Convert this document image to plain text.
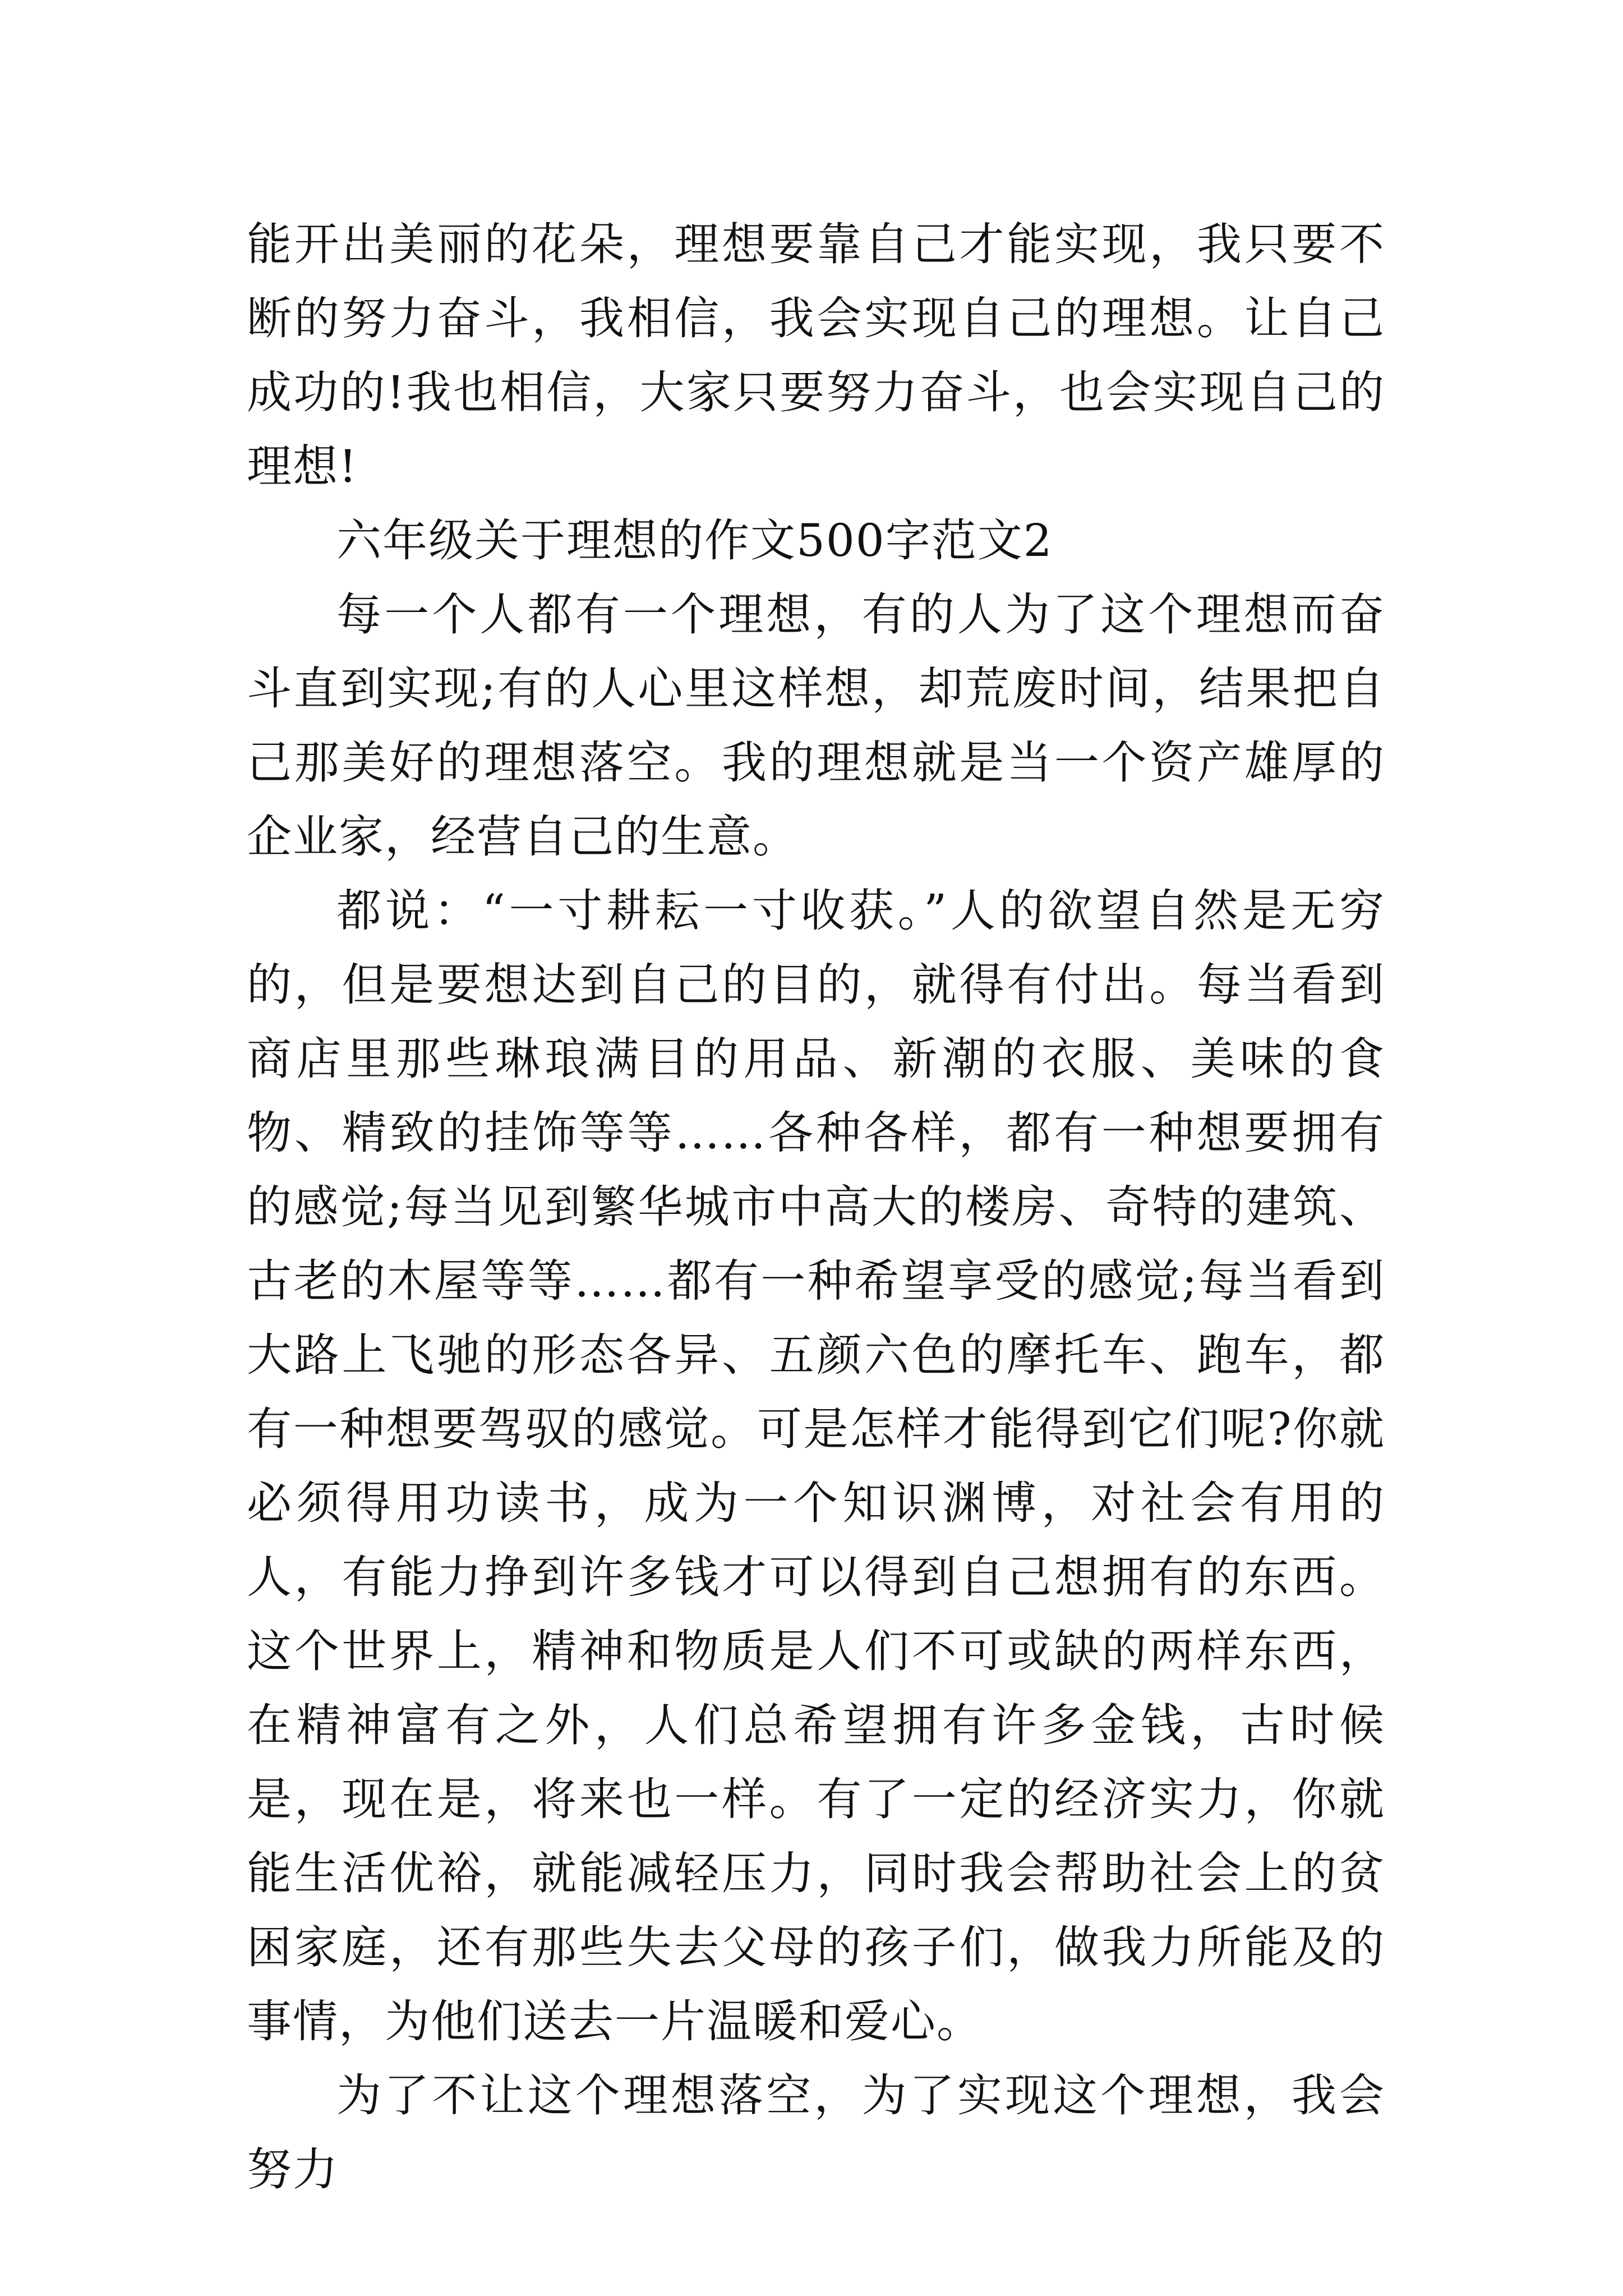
能开出美丽的花朵，理想要靠自己才能实现，我只要不断的努力奋斗，我相信，我会实现自己的理想。让自己成功的!我也相信，大家只要努力奋斗，也会实现自己的理想!

六年级关于理想的作文500字范文2

每一个人都有一个理想，有的人为了这个理想而奋斗直到实现;有的人心里这样想，却荒废时间，结果把自己那美好的理想落空。我的理想就是当一个资产雄厚的企业家，经营自己的生意。

都说：“一寸耕耘一寸收获。”人的欲望自然是无穷的，但是要想达到自己的目的，就得有付出。每当看到商店里那些琳琅满目的用品、新潮的衣服、美味的食物、精致的挂饰等等……各种各样，都有一种想要拥有的感觉;每当见到繁华城市中高大的楼房、奇特的建筑、古老的木屋等等……都有一种希望享受的感觉;每当看到大路上飞驰的形态各异、五颜六色的摩托车、跑车，都有一种想要驾驭的感觉。可是怎样才能得到它们呢?你就必须得用功读书，成为一个知识渊博，对社会有用的人，有能力挣到许多钱才可以得到自己想拥有的东西。这个世界上，精神和物质是人们不可或缺的两样东西，在精神富有之外，人们总希望拥有许多金钱，古时候是，现在是，将来也一样。有了一定的经济实力，你就能生活优裕，就能减轻压力，同时我会帮助社会上的贫困家庭，还有那些失去父母的孩子们，做我力所能及的事情，为他们送去一片温暖和爱心。

为了不让这个理想落空，为了实现这个理想，我会努力
